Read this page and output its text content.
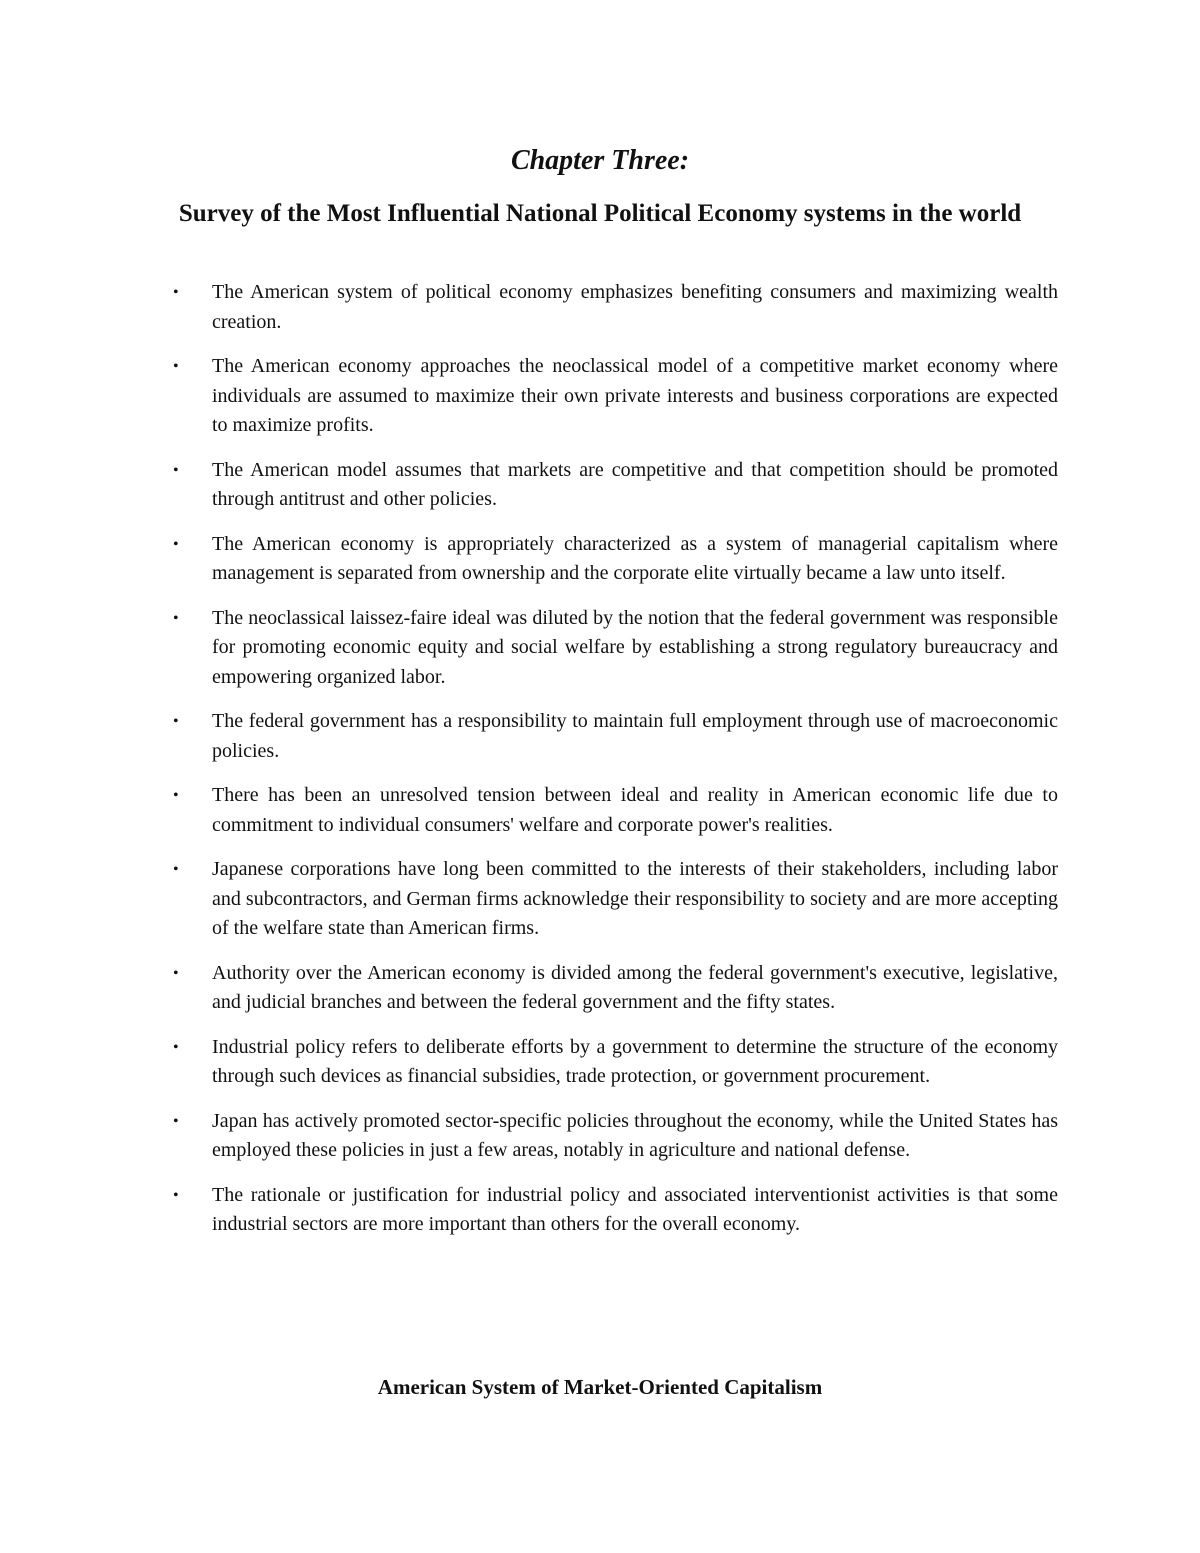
Chapter Three:
Survey of the Most Influential National Political Economy systems in the world
• The American system of political economy emphasizes benefiting consumers and maximizing wealth creation.
• The American economy approaches the neoclassical model of a competitive market economy where individuals are assumed to maximize their own private interests and business corporations are expected to maximize profits.
• The American model assumes that markets are competitive and that competition should be promoted through antitrust and other policies.
• The American economy is appropriately characterized as a system of managerial capitalism where management is separated from ownership and the corporate elite virtually became a law unto itself.
• The neoclassical laissez-faire ideal was diluted by the notion that the federal government was responsible for promoting economic equity and social welfare by establishing a strong regulatory bureaucracy and empowering organized labor.
• The federal government has a responsibility to maintain full employment through use of macroeconomic policies.
• There has been an unresolved tension between ideal and reality in American economic life due to commitment to individual consumers' welfare and corporate power's realities.
• Japanese corporations have long been committed to the interests of their stakeholders, including labor and subcontractors, and German firms acknowledge their responsibility to society and are more accepting of the welfare state than American firms.
• Authority over the American economy is divided among the federal government's executive, legislative, and judicial branches and between the federal government and the fifty states.
• Industrial policy refers to deliberate efforts by a government to determine the structure of the economy through such devices as financial subsidies, trade protection, or government procurement.
• Japan has actively promoted sector-specific policies throughout the economy, while the United States has employed these policies in just a few areas, notably in agriculture and national defense.
• The rationale or justification for industrial policy and associated interventionist activities is that some industrial sectors are more important than others for the overall economy.
American System of Market-Oriented Capitalism
